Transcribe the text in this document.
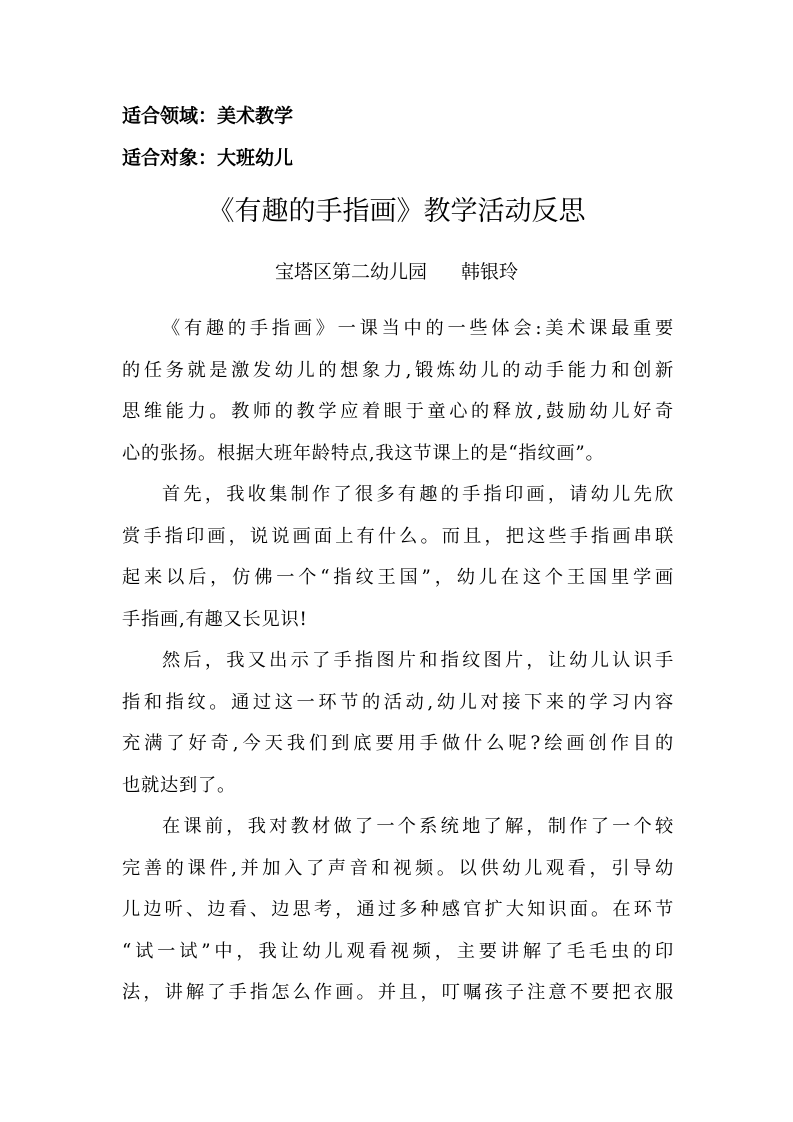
适合领域：美术教学
适合对象：大班幼儿
《有趣的手指画》教学活动反思
宝塔区第二幼儿园 韩银玲
《有趣的手指画》一课当中的一些体会:美术课最重要
的任务就是激发幼儿的想象力,锻炼幼儿的动手能力和创新
思维能力。教师的教学应着眼于童心的释放,鼓励幼儿好奇
心的张扬。根据大班年龄特点,我这节课上的是“指纹画”。
首先，我收集制作了很多有趣的手指印画，请幼儿先欣
赏手指印画，说说画面上有什么。而且，把这些手指画串联
起来以后，仿佛一个“指纹王国”，幼儿在这个王国里学画
手指画,有趣又长见识!
然后，我又出示了手指图片和指纹图片，让幼儿认识手
指和指纹。通过这一环节的活动,幼儿对接下来的学习内容
充满了好奇,今天我们到底要用手做什么呢?绘画创作目的
也就达到了。
在课前，我对教材做了一个系统地了解，制作了一个较
完善的课件,并加入了声音和视频。以供幼儿观看，引导幼
儿边听、边看、边思考，通过多种感官扩大知识面。在环节
“试一试”中，我让幼儿观看视频，主要讲解了毛毛虫的印
法，讲解了手指怎么作画。并且，叮嘱孩子注意不要把衣服
